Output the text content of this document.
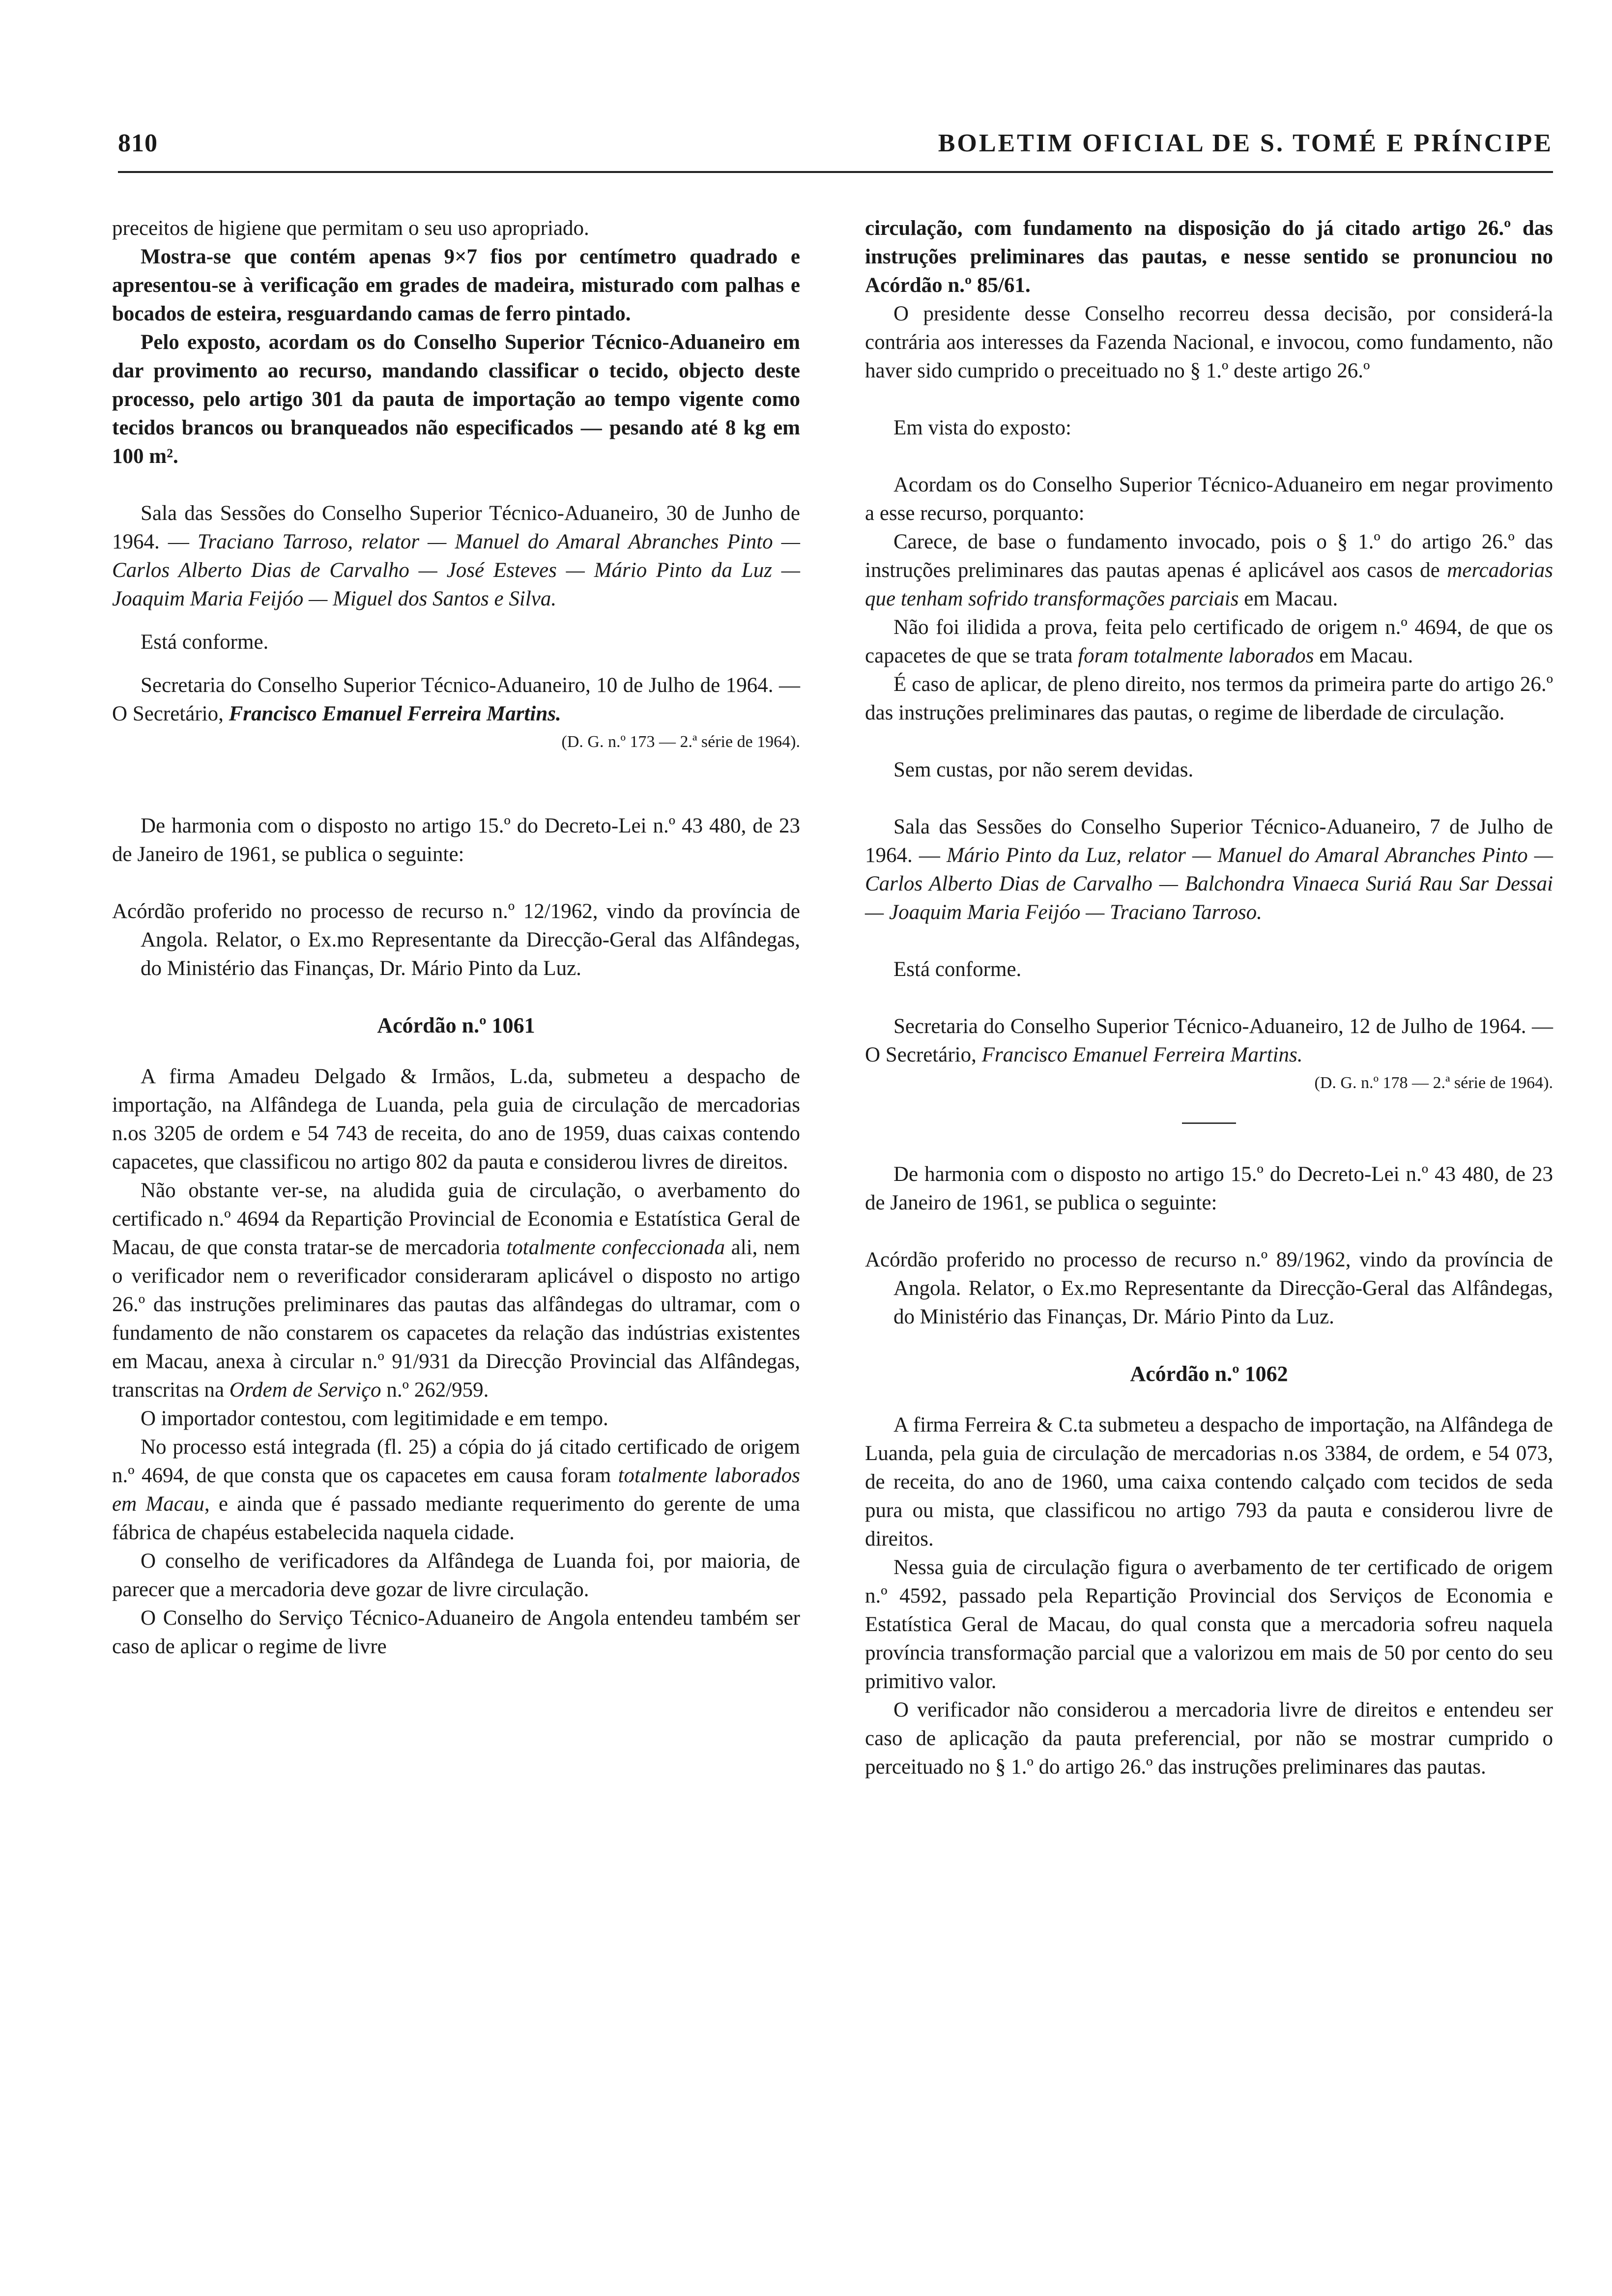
810	BOLETIM OFICIAL DE S. TOMÉ E PRÍNCIPE

preceitos de higiene que permitam o seu uso apropriado.

Mostra-se que contém apenas 9×7 fios por centímetro quadrado e apresentou-se à verificação em grades de madeira, misturado com palhas e bocados de esteira, resguardando camas de ferro pintado.

Pelo exposto, acordam os do Conselho Superior Técnico-Aduaneiro em dar provimento ao recurso, mandando classificar o tecido, objecto deste processo, pelo artigo 301 da pauta de importação ao tempo vigente como tecidos brancos ou branqueados não especificados — pesando até 8 kg em 100 m².

Sala das Sessões do Conselho Superior Técnico-Aduaneiro, 30 de Junho de 1964. — Traciano Tarroso, relator — Manuel do Amaral Abranches Pinto — Carlos Alberto Dias de Carvalho — José Esteves — Mário Pinto da Luz — Joaquim Maria Feijóo — Miguel dos Santos e Silva.

Está conforme.

Secretaria do Conselho Superior Técnico-Aduaneiro, 10 de Julho de 1964. — O Secretário, Francisco Emanuel Ferreira Martins.

(D. G. n.º 173 — 2.ª série de 1964).

De harmonia com o disposto no artigo 15.º do Decreto-Lei n.º 43 480, de 23 de Janeiro de 1961, se publica o seguinte:

Acórdão proferido no processo de recurso n.º 12/1962, vindo da província de Angola. Relator, o Ex.mo Representante da Direcção-Geral das Alfândegas, do Ministério das Finanças, Dr. Mário Pinto da Luz.

Acórdão n.º 1061

A firma Amadeu Delgado & Irmãos, L.da, submeteu a despacho de importação, na Alfândega de Luanda, pela guia de circulação de mercadorias n.os 3205 de ordem e 54 743 de receita, do ano de 1959, duas caixas contendo capacetes, que classificou no artigo 802 da pauta e considerou livres de direitos.

Não obstante ver-se, na aludida guia de circulação, o averbamento do certificado n.º 4694 da Repartição Provincial de Economia e Estatística Geral de Macau, de que consta tratar-se de mercadoria totalmente confeccionada ali, nem o verificador nem o reverificador consideraram aplicável o disposto no artigo 26.º das instruções preliminares das pautas das alfândegas do ultramar, com o fundamento de não constarem os capacetes da relação das indústrias existentes em Macau, anexa à circular n.º 91/931 da Direcção Provincial das Alfândegas, transcritas na Ordem de Serviço n.º 262/959.

O importador contestou, com legitimidade e em tempo.

No processo está integrada (fl. 25) a cópia do já citado certificado de origem n.º 4694, de que consta que os capacetes em causa foram totalmente laborados em Macau, e ainda que é passado mediante requerimento do gerente de uma fábrica de chapéus estabelecida naquela cidade.

O conselho de verificadores da Alfândega de Luanda foi, por maioria, de parecer que a mercadoria deve gozar de livre circulação.

O Conselho do Serviço Técnico-Aduaneiro de Angola entendeu também ser caso de aplicar o regime de livre

circulação, com fundamento na disposição do já citado artigo 26.º das instruções preliminares das pautas, e nesse sentido se pronunciou no Acórdão n.º 85/61.

O presidente desse Conselho recorreu dessa decisão, por considerá-la contrária aos interesses da Fazenda Nacional, e invocou, como fundamento, não haver sido cumprido o preceituado no § 1.º deste artigo 26.º

Em vista do exposto:

Acordam os do Conselho Superior Técnico-Aduaneiro em negar provimento a esse recurso, porquanto:

Carece, de base o fundamento invocado, pois o § 1.º do artigo 26.º das instruções preliminares das pautas apenas é aplicável aos casos de mercadorias que tenham sofrido transformações parciais em Macau.

Não foi ilidida a prova, feita pelo certificado de origem n.º 4694, de que os capacetes de que se trata foram totalmente laborados em Macau.

É caso de aplicar, de pleno direito, nos termos da primeira parte do artigo 26.º das instruções preliminares das pautas, o regime de liberdade de circulação.

Sem custas, por não serem devidas.

Sala das Sessões do Conselho Superior Técnico-Aduaneiro, 7 de Julho de 1964. — Mário Pinto da Luz, relator — Manuel do Amaral Abranches Pinto — Carlos Alberto Dias de Carvalho — Balchondra Vinaeca Suriá Rau Sar Dessai — Joaquim Maria Feijóo — Traciano Tarroso.

Está conforme.

Secretaria do Conselho Superior Técnico-Aduaneiro, 12 de Julho de 1964. — O Secretário, Francisco Emanuel Ferreira Martins.

(D. G. n.º 178 — 2.ª série de 1964).

De harmonia com o disposto no artigo 15.º do Decreto-Lei n.º 43 480, de 23 de Janeiro de 1961, se publica o seguinte:

Acórdão proferido no processo de recurso n.º 89/1962, vindo da província de Angola. Relator, o Ex.mo Representante da Direcção-Geral das Alfândegas, do Ministério das Finanças, Dr. Mário Pinto da Luz.

Acórdão n.º 1062

A firma Ferreira & C.ta submeteu a despacho de importação, na Alfândega de Luanda, pela guia de circulação de mercadorias n.os 3384, de ordem, e 54 073, de receita, do ano de 1960, uma caixa contendo calçado com tecidos de seda pura ou mista, que classificou no artigo 793 da pauta e considerou livre de direitos.

Nessa guia de circulação figura o averbamento de ter certificado de origem n.º 4592, passado pela Repartição Provincial dos Serviços de Economia e Estatística Geral de Macau, do qual consta que a mercadoria sofreu naquela província transformação parcial que a valorizou em mais de 50 por cento do seu primitivo valor.

O verificador não considerou a mercadoria livre de direitos e entendeu ser caso de aplicação da pauta preferencial, por não se mostrar cumprido o perceituado no § 1.º do artigo 26.º das instruções preliminares das pautas.
